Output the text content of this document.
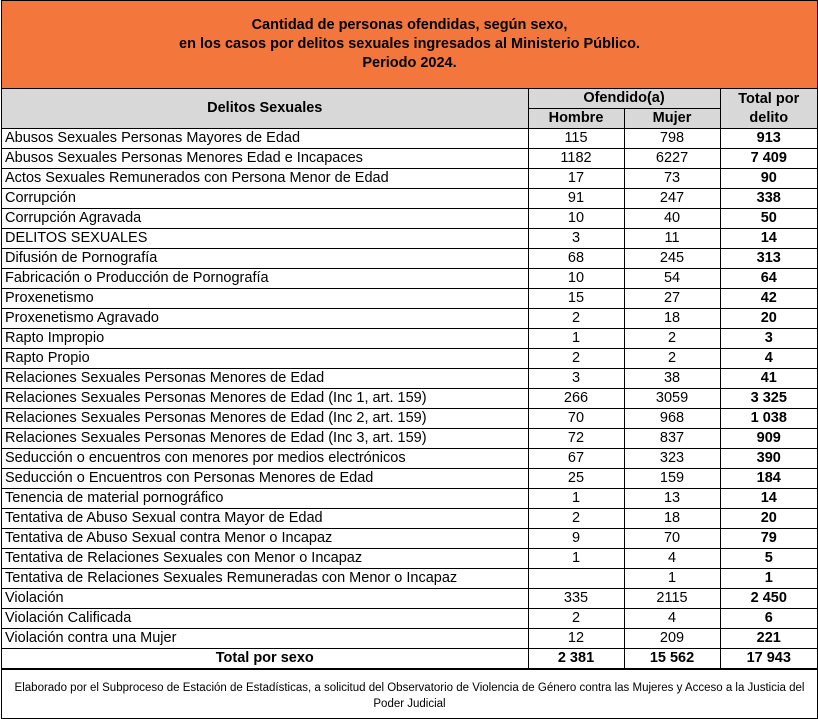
Cantidad de personas ofendidas, según sexo,
en los casos por delitos sexuales ingresados al Ministerio Público.
Periodo 2024.
Delitos Sexuales	Ofendido(a)		Total por
delito

	Hombre	Mujer	
Abusos Sexuales Personas Mayores de Edad	115	798	913
Abusos Sexuales Personas Menores Edad e Incapaces	1182	6227	7 409
Actos Sexuales Remunerados con Persona Menor de Edad	17	73	90
Corrupción	91	247	338
Corrupción Agravada	10	40	50
DELITOS SEXUALES	3	11	14
Difusión de Pornografía	68	245	313
Fabricación o Producción de Pornografía	10	54	64
Proxenetismo	15	27	42
Proxenetismo Agravado	2	18	20
Rapto Impropio	1	2	3
Rapto Propio	2	2	4
Relaciones Sexuales Personas Menores de Edad	3	38	41
Relaciones Sexuales Personas Menores de Edad (Inc 1, art. 159)	266	3059	3 325
Relaciones Sexuales Personas Menores de Edad (Inc 2, art. 159)	70	968	1 038
Relaciones Sexuales Personas Menores de Edad (Inc 3, art. 159)	72	837	909
Seducción o encuentros con menores por medios electrónicos	67	323	390
Seducción o Encuentros con Personas Menores de Edad	25	159	184
Tenencia de material pornográfico	1	13	14
Tentativa de Abuso Sexual contra Mayor de Edad	2	18	20
Tentativa de Abuso Sexual contra Menor o Incapaz	9	70	79
Tentativa de Relaciones Sexuales con Menor o Incapaz	1	4	5
Tentativa de Relaciones Sexuales Remuneradas con Menor o Incapaz		1	1
Violación	335	2115	2 450
Violación Calificada	2	4	6
Violación contra una Mujer	12	209	221
Total por sexo	2 381	15 562	17 943
Elaborado por el Subproceso de Estación de Estadísticas, a solicitud del Observatorio de Violencia de Género contra las Mujeres y Acceso a la Justicia del Poder Judicial
